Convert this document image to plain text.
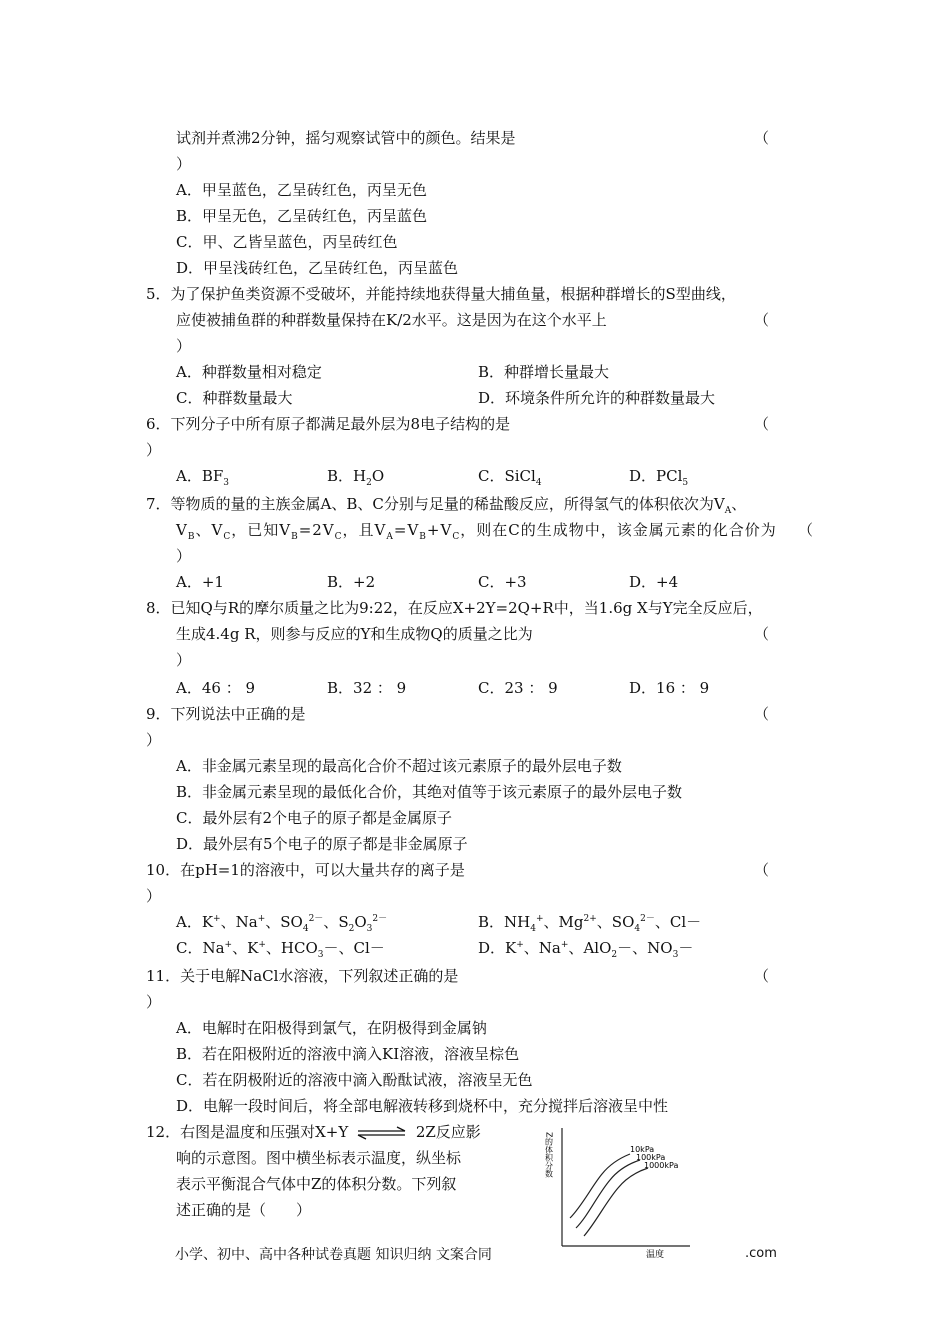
试剂并煮沸2分钟，摇匀观察试管中的颜色。结果是	（
）
A．甲呈蓝色，乙呈砖红色，丙呈无色
B．甲呈无色，乙呈砖红色，丙呈蓝色
C．甲、乙皆呈蓝色，丙呈砖红色
D．甲呈浅砖红色，乙呈砖红色，丙呈蓝色
5．为了保护鱼类资源不受破坏，并能持续地获得量大捕鱼量，根据种群增长的S型曲线，
应使被捕鱼群的种群数量保持在K/2水平。这是因为在这个水平上	（
）
A．种群数量相对稳定	B．种群增长量最大
C．种群数量最大	D．环境条件所允许的种群数量最大
6．下列分子中所有原子都满足最外层为8电子结构的是	（
）
A．$BF_3$	B．$H_2O$	C．SiCl$_4$	D．PCl$_5$
7．等物质的量的主族金属A、B、C分别与足量的稀盐酸反应，所得氢气的体积依次为$V_A$、
$V_B$、$V_C$，已知$V_B=2V_C$，且$V_A=V_B+V_C$，则在C的生成物中，该金属元素的化合价为 （
）
A．+1	B．+2	C．+3	D．+4
8．已知Q与R的摩尔质量之比为9:22，在反应X+2Y=2Q+R中，当1.6g X与Y完全反应后，
生成4.4g R，则参与反应的Y和生成物Q的质量之比为	（
）
A．46 ： 9	B．32 ： 9	C．23 ： 9	D．16 ： 9
9．下列说法中正确的是	（
）
A．非金属元素呈现的最高化合价不超过该元素原子的最外层电子数
B．非金属元素呈现的最低化合价，其绝对值等于该元素原子的最外层电子数
C．最外层有2个电子的原子都是金属原子
D．最外层有5个电子的原子都是非金属原子
10．在pH=1的溶液中，可以大量共存的离子是	（
）
A．K+、Na+、$SO_4^{2-}$、$S_2O_3^{2-}$	B．$NH_4^+$、$Mg^{2+}$、$SO_4^{2-}$、Cl－
C．Na+、K+、$HCO_3-$、Cl－	D．K+、Na+、AlO$_2$－、$NO_3-$
11．关于电解NaCl水溶液，下列叙述正确的是	（
）
A．电解时在阳极得到氯气，在阴极得到金属钠
B．若在阳极附近的溶液中滴入KI溶液，溶液呈棕色
C．若在阴极附近的溶液中滴入酚酞试液，溶液呈无色
D．电解一段时间后，将全部电解液转移到烧杯中，充分搅拌后溶液呈中性
12．右图是温度和压强对X+Y ⇌ 2Z反应影
响的示意图。图中横坐标表示温度，纵坐标
表示平衡混合气体中Z的体积分数。下列叙
述正确的是（　　）
Z的体积分数	10kPa
100kPa
1000kPa
温度
小学、初中、高中各种试卷真题 知识归纳 文案合同	.com
